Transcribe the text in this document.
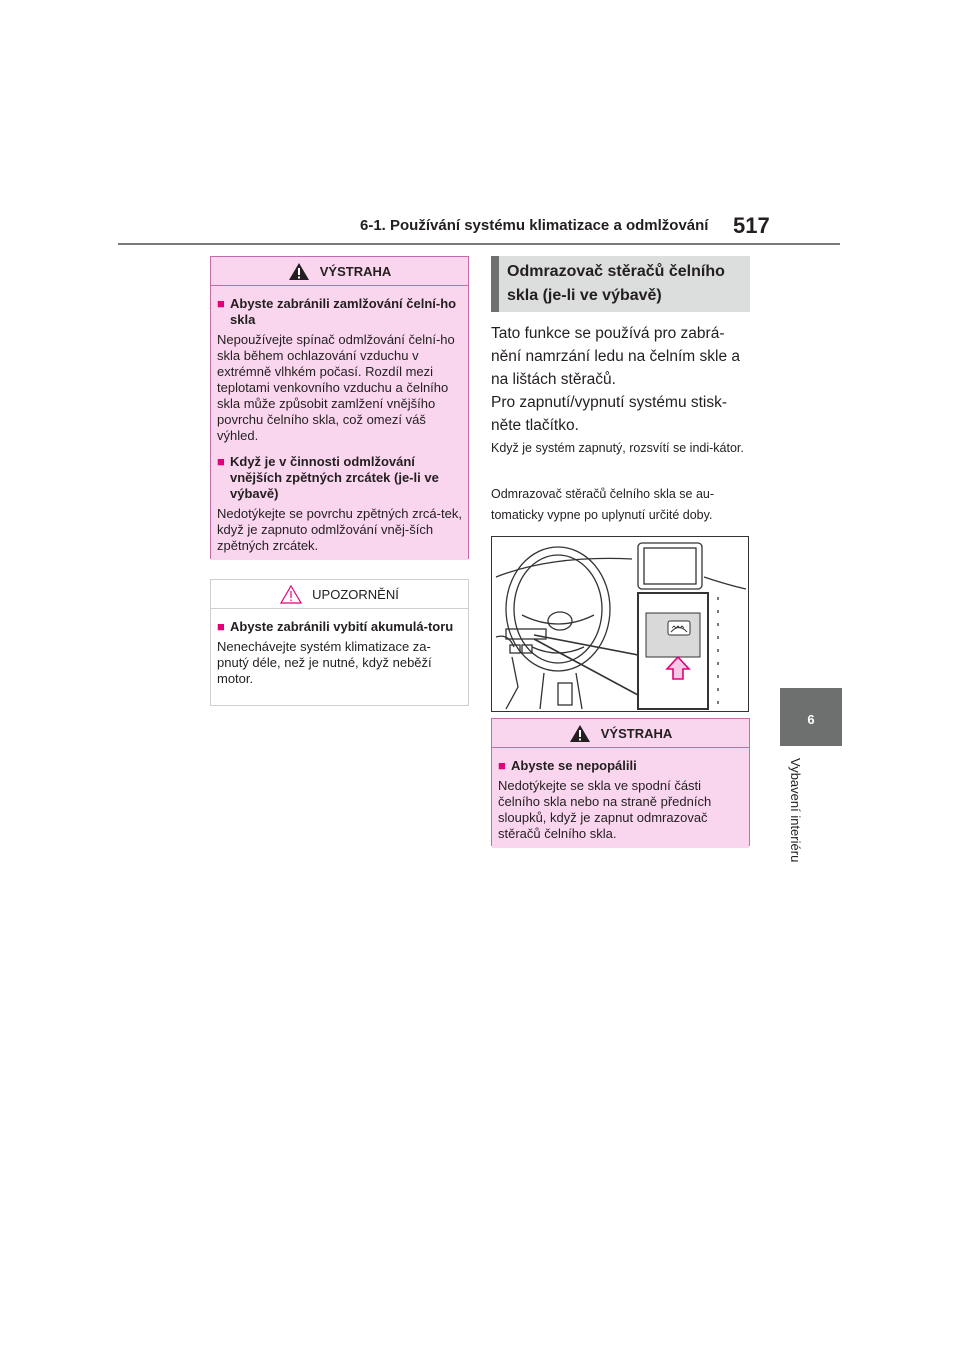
6-1. Používání systému klimatizace a odmlžování 517
6
Vybavení interiéru
VÝSTRAHA
■ Abyste zabránili zamlžování čelní-ho skla
Nepoužívejte spínač odmlžování čelní-ho skla během ochlazování vzduchu v extrémně vlhkém počasí. Rozdíl mezi teplotami venkovního vzduchu a čelního skla může způsobit zamlžení vnějšího povrchu čelního skla, což omezí váš výhled.
■ Když je v činnosti odmlžování vnějších zpětných zrcátek (je-li ve výbavě)
Nedotýkejte se povrchu zpětných zrcá-tek, když je zapnuto odmlžování vněj-ších zpětných zrcátek.
UPOZORNĚNÍ
■ Abyste zabránili vybití akumulá-toru
Nenechávejte systém klimatizace za-pnutý déle, než je nutné, když neběží motor.
Odmrazovač stěračů čelního skla (je-li ve výbavě)
Tato funkce se používá pro zabrá-nění namrzání ledu na čelním skle a na lištách stěračů.
Pro zapnutí/vypnutí systému stisk-něte tlačítko.
Když je systém zapnutý, rozsvítí se indi-kátor.
Odmrazovač stěračů čelního skla se au-tomaticky vypne po uplynutí určité doby.
VÝSTRAHA
■ Abyste se nepopálili
Nedotýkejte se skla ve spodní části čelního skla nebo na straně předních sloupků, když je zapnut odmrazovač stěračů čelního skla.
